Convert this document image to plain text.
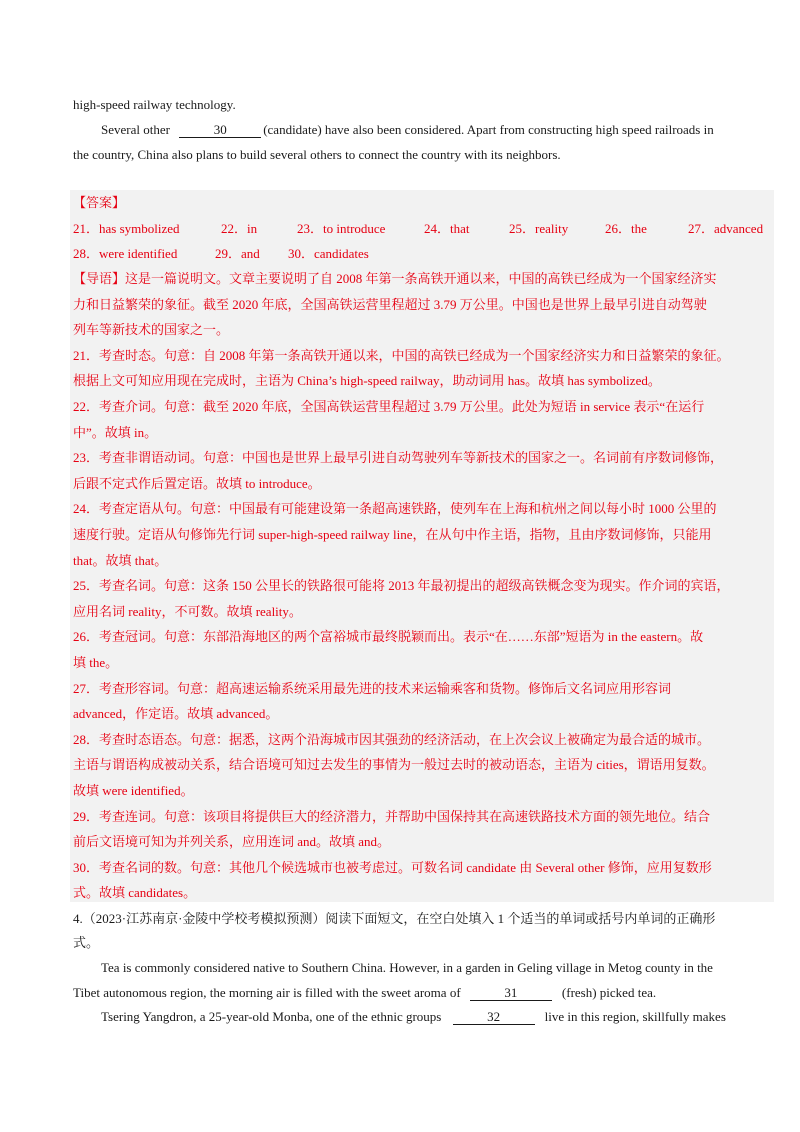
high-speed railway technology.
Several other	30	(candidate) have also been considered. Apart from constructing high speed railroads in
the country, China also plans to build several others to connect the country with its neighbors.
【答案】
21．has symbolized	22．in	23．to introduce	24．that	25．reality	26．the	27．advanced
28．were identified	29．and 30．candidates
【导语】这是一篇说明文。文章主要说明了自 2008 年第一条高铁开通以来，中国的高铁已经成为一个国家经济实
力和日益繁荣的象征。截至 2020 年底，全国高铁运营里程超过 3.79 万公里。中国也是世界上最早引进自动驾驶
列车等新技术的国家之一。
21．考查时态。句意：自 2008 年第一条高铁开通以来，中国的高铁已经成为一个国家经济实力和日益繁荣的象征。
根据上文可知应用现在完成时，主语为 China’s high-speed railway，助动词用 has。故填 has symbolized。
22．考查介词。句意：截至 2020 年底，全国高铁运营里程超过 3.79 万公里。此处为短语 in service 表示“在运行
中”。故填 in。
23．考查非谓语动词。句意：中国也是世界上最早引进自动驾驶列车等新技术的国家之一。名词前有序数词修饰，
后跟不定式作后置定语。故填 to introduce。
24．考查定语从句。句意：中国最有可能建设第一条超高速铁路，使列车在上海和杭州之间以每小时 1000 公里的
速度行驶。定语从句修饰先行词 super-high-speed railway line，在从句中作主语，指物，且由序数词修饰，只能用
that。故填 that。
25．考查名词。句意：这条 150 公里长的铁路很可能将 2013 年最初提出的超级高铁概念变为现实。作介词的宾语，
应用名词 reality，不可数。故填 reality。
26．考查冠词。句意：东部沿海地区的两个富裕城市最终脱颖而出。表示“在……东部”短语为 in the eastern。故
填 the。
27．考查形容词。句意：超高速运输系统采用最先进的技术来运输乘客和货物。修饰后文名词应用形容词
advanced，作定语。故填 advanced。
28．考查时态语态。句意：据悉，这两个沿海城市因其强劲的经济活动，在上次会议上被确定为最合适的城市。
主语与谓语构成被动关系，结合语境可知过去发生的事情为一般过去时的被动语态，主语为 cities，谓语用复数。
故填 were identified。
29．考查连词。句意：该项目将提供巨大的经济潜力，并帮助中国保持其在高速铁路技术方面的领先地位。结合
前后文语境可知为并列关系，应用连词 and。故填 and。
30．考查名词的数。句意：其他几个候选城市也被考虑过。可数名词 candidate 由 Several other 修饰，应用复数形
式。故填 candidates。
4.（2023·江苏南京·金陵中学校考模拟预测）阅读下面短文，在空白处填入 1 个适当的单词或括号内单词的正确形
式。
Tea is commonly considered native to Southern China. However, in a garden in Geling village in Metog county in the
Tibet autonomous region, the morning air is filled with the sweet aroma of	31	(fresh) picked tea.
Tsering Yangdron, a 25-year-old Monba, one of the ethnic groups	32	live in this region, skillfully makes
